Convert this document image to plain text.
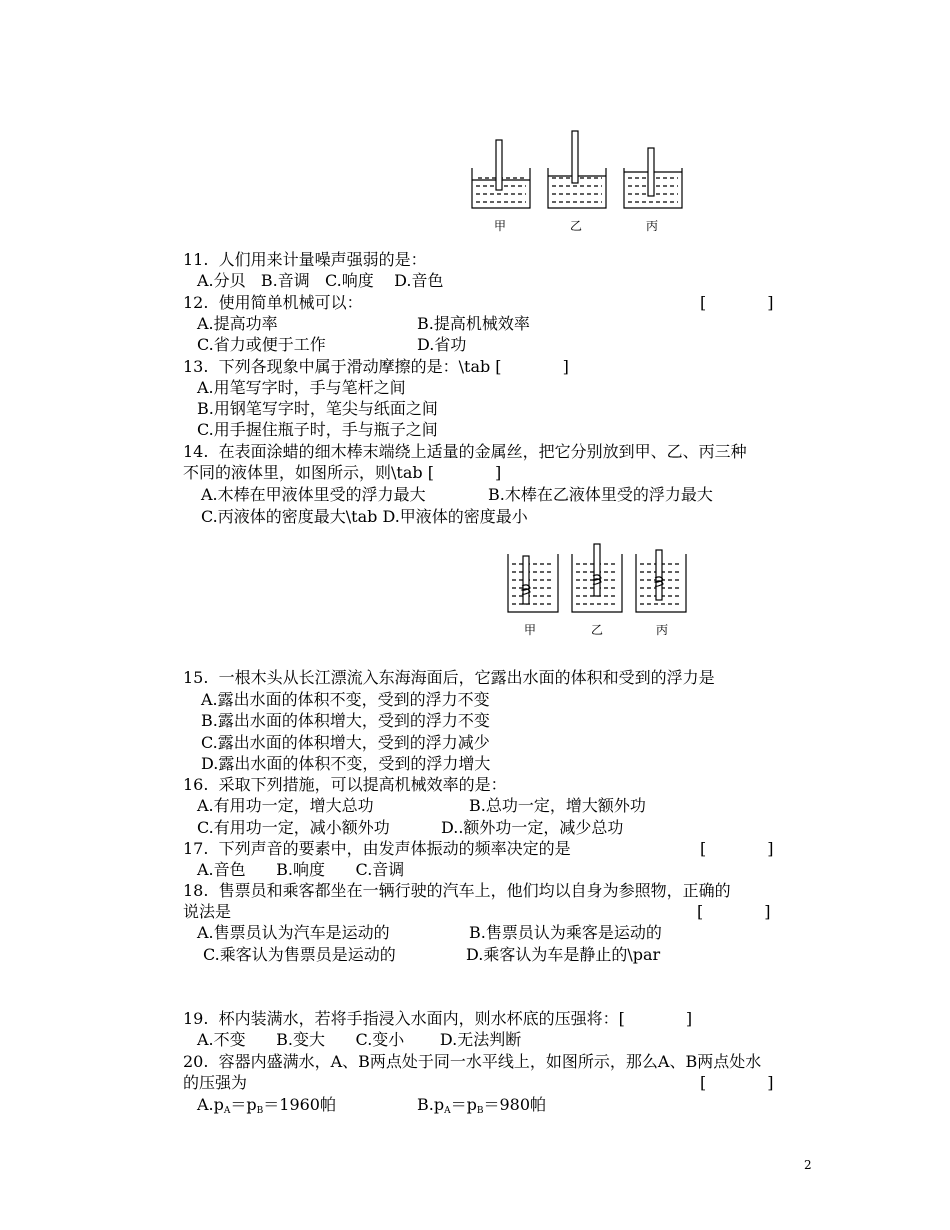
甲	乙	丙
11.  人们用来计量噪声强弱的是：
A.分贝   B.音调   C.响度    D.音色
12.  使用简单机械可以：	[            ]
A.提高功率	B.提高机械效率
C.省力或便于工作	D.省功
13.  下列各现象中属于滑动摩擦的是：\tab [            ]
A.用笔写字时，手与笔杆之间
B.用钢笔写字时，笔尖与纸面之间
C.用手握住瓶子时，手与瓶子之间
14.  在表面涂蜡的细木棒末端绕上适量的金属丝，把它分别放到甲、乙、丙三种
不同的液体里，如图所示，则\tab [            ]
A.木棒在甲液体里受的浮力最大	B.木棒在乙液体里受的浮力最大
C.丙液体的密度最大\tab D.甲液体的密度最小
甲	乙	丙
15.  一根木头从长江漂流入东海海面后，它露出水面的体积和受到的浮力是
A.露出水面的体积不变，受到的浮力不变
B.露出水面的体积增大，受到的浮力不变
C.露出水面的体积增大，受到的浮力减少
D.露出水面的体积不变，受到的浮力增大
16.  采取下列措施，可以提高机械效率的是：
A.有用功一定，增大总功	B.总功一定，增大额外功
C.有用功一定，减小额外功	D..额外功一定，减少总功
17.  下列声音的要素中，由发声体振动的频率决定的是	[            ]
A.音色      B.响度      C.音调
18.  售票员和乘客都坐在一辆行驶的汽车上，他们均以自身为参照物，正确的
说法是	[            ]
A.售票员认为汽车是运动的	B.售票员认为乘客是运动的
C.乘客认为售票员是运动的	D.乘客认为车是静止的\par
19.  杯内装满水，若将手指浸入水面内，则水杯底的压强将：[            ]
A.不变      B.变大      C.变小       D.无法判断
20.  容器内盛满水，A、B两点处于同一水平线上，如图所示，那么A、B两点处水
的压强为	[            ]
$A.p_A=p_B=1960$帕	$B.p_A=p_B=980$帕
2
